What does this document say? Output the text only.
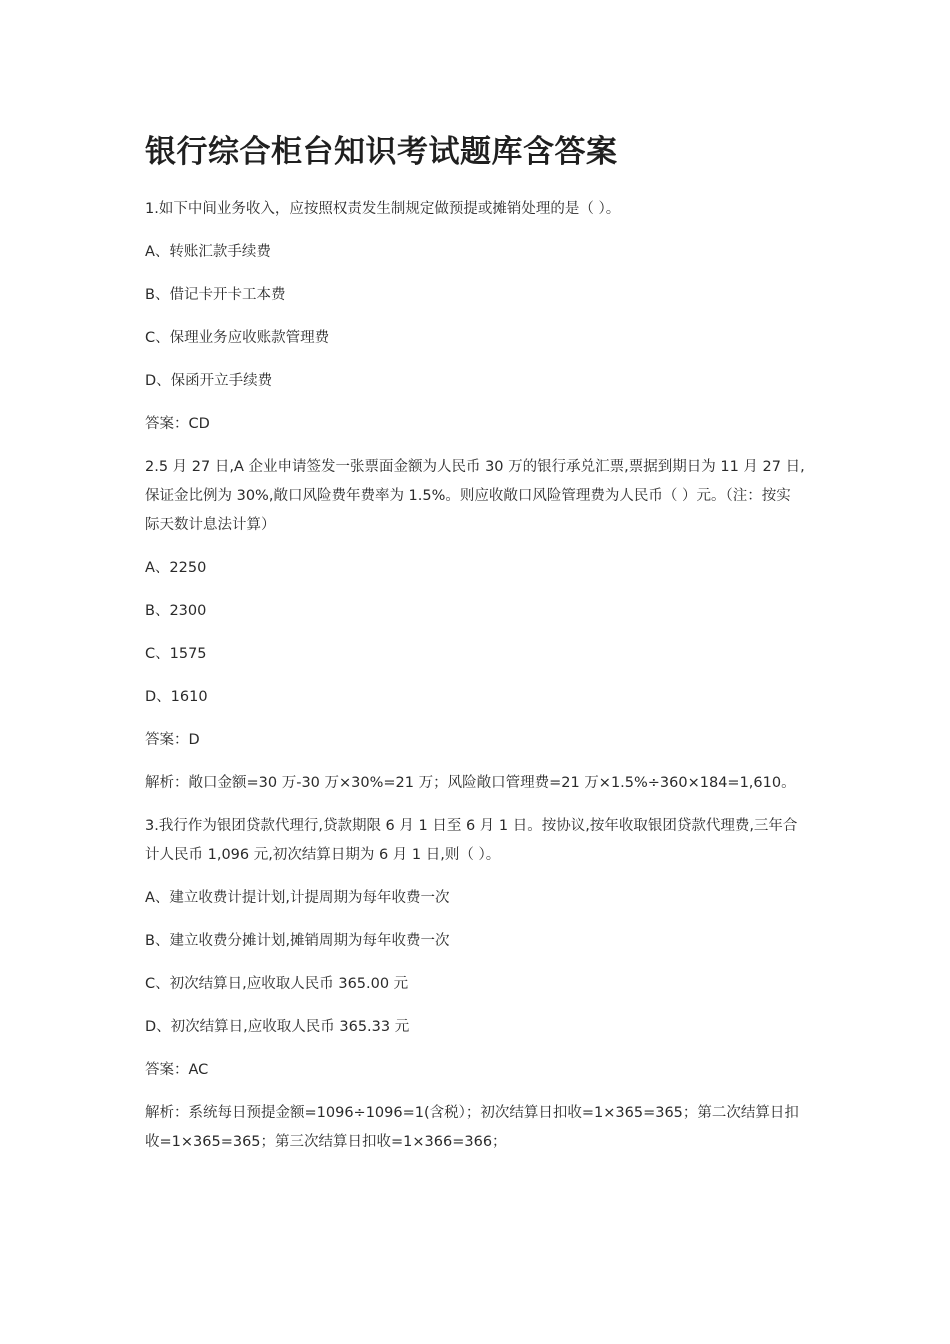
银行综合柜台知识考试题库含答案

1.如下中间业务收入，应按照权责发生制规定做预提或摊销处理的是（ ）。

A、转账汇款手续费

B、借记卡开卡工本费

C、保理业务应收账款管理费

D、保函开立手续费

答案：CD

2.5 月 27 日,A 企业申请签发一张票面金额为人民币 30 万的银行承兑汇票,票据到期日为 11 月 27 日,保证金比例为 30%,敞口风险费年费率为 1.5%。则应收敞口风险管理费为人民币（ ）元。（注：按实际天数计息法计算）

A、2250

B、2300

C、1575

D、1610

答案：D

解析：敞口金额=30 万-30 万×30%=21 万；风险敞口管理费=21 万×1.5%÷360×184=1,610。

3.我行作为银团贷款代理行,贷款期限 6 月 1 日至 6 月 1 日。按协议,按年收取银团贷款代理费,三年合计人民币 1,096 元,初次结算日期为 6 月 1 日,则（ ）。

A、建立收费计提计划,计提周期为每年收费一次

B、建立收费分摊计划,摊销周期为每年收费一次

C、初次结算日,应收取人民币 365.00 元

D、初次结算日,应收取人民币 365.33 元

答案：AC

解析：系统每日预提金额=1096÷1096=1(含税）；初次结算日扣收=1×365=365；第二次结算日扣收=1×365=365；第三次结算日扣收=1×366=366；
